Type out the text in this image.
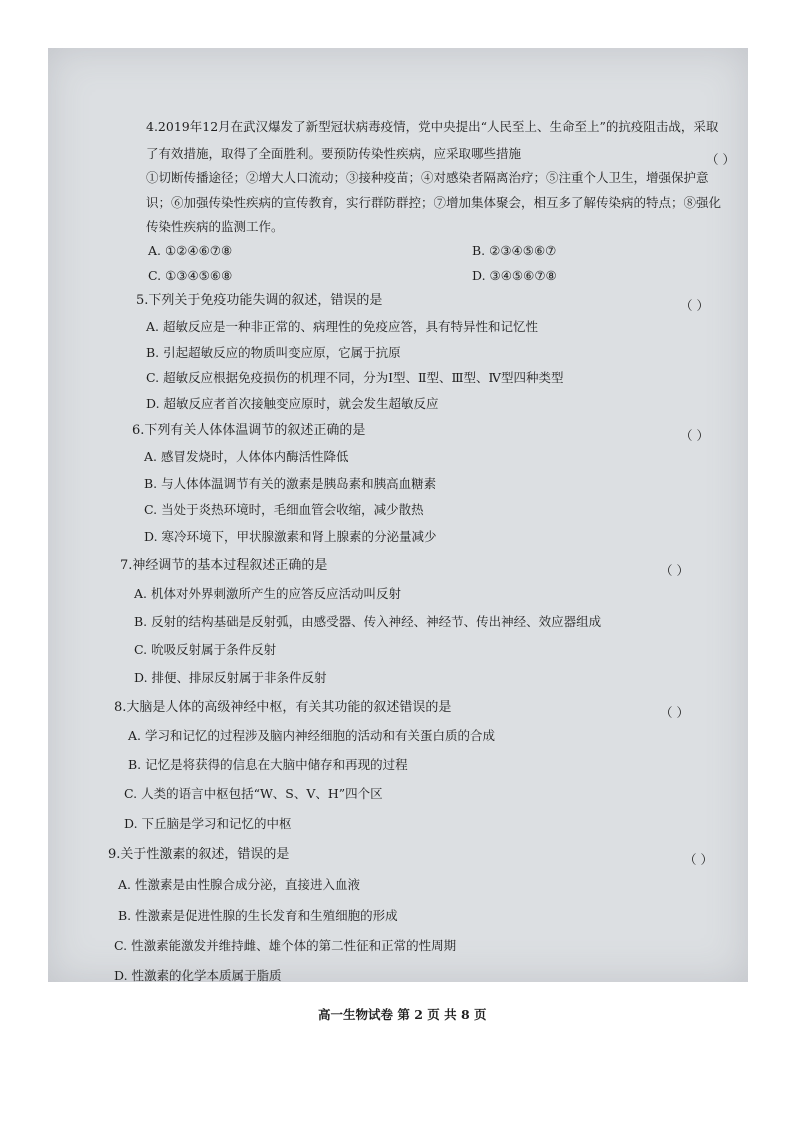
4.2019年12月在武汉爆发了新型冠状病毒疫情，党中央提出“人民至上、生命至上”的抗疫阻击战，采取
了有效措施，取得了全面胜利。要预防传染性疾病，应采取哪些措施	（ ）
①切断传播途径；②增大人口流动；③接种疫苗；④对感染者隔离治疗；⑤注重个人卫生，增强保护意
识；⑥加强传染性疾病的宣传教育，实行群防群控；⑦增加集体聚会，相互多了解传染病的特点；⑧强化
传染性疾病的监测工作。
A. ①②④⑥⑦⑧	B. ②③④⑤⑥⑦
C. ①③④⑤⑥⑧	D. ③④⑤⑥⑦⑧
5.下列关于免疫功能失调的叙述，错误的是	（ ）
A. 超敏反应是一种非正常的、病理性的免疫应答，具有特异性和记忆性
B. 引起超敏反应的物质叫变应原，它属于抗原
C. 超敏反应根据免疫损伤的机理不同，分为Ⅰ型、Ⅱ型、Ⅲ型、Ⅳ型四种类型
D. 超敏反应者首次接触变应原时，就会发生超敏反应
6.下列有关人体体温调节的叙述正确的是	（ ）
A. 感冒发烧时，人体体内酶活性降低
B. 与人体体温调节有关的激素是胰岛素和胰高血糖素
C. 当处于炎热环境时，毛细血管会收缩，减少散热
D. 寒冷环境下，甲状腺激素和肾上腺素的分泌量减少
7.神经调节的基本过程叙述正确的是	（ ）
A. 机体对外界刺激所产生的应答反应活动叫反射
B. 反射的结构基础是反射弧，由感受器、传入神经、神经节、传出神经、效应器组成
C. 吮吸反射属于条件反射
D. 排便、排尿反射属于非条件反射
8.大脑是人体的高级神经中枢，有关其功能的叙述错误的是	（ ）
A. 学习和记忆的过程涉及脑内神经细胞的活动和有关蛋白质的合成
B. 记忆是将获得的信息在大脑中储存和再现的过程
C. 人类的语言中枢包括“W、S、V、H”四个区
D. 下丘脑是学习和记忆的中枢
9.关于性激素的叙述，错误的是	（ ）
A. 性激素是由性腺合成分泌，直接进入血液
B. 性激素是促进性腺的生长发育和生殖细胞的形成
C. 性激素能激发并维持雌、雄个体的第二性征和正常的性周期
D. 性激素的化学本质属于脂质
高一生物试卷 第 2 页 共 8 页
